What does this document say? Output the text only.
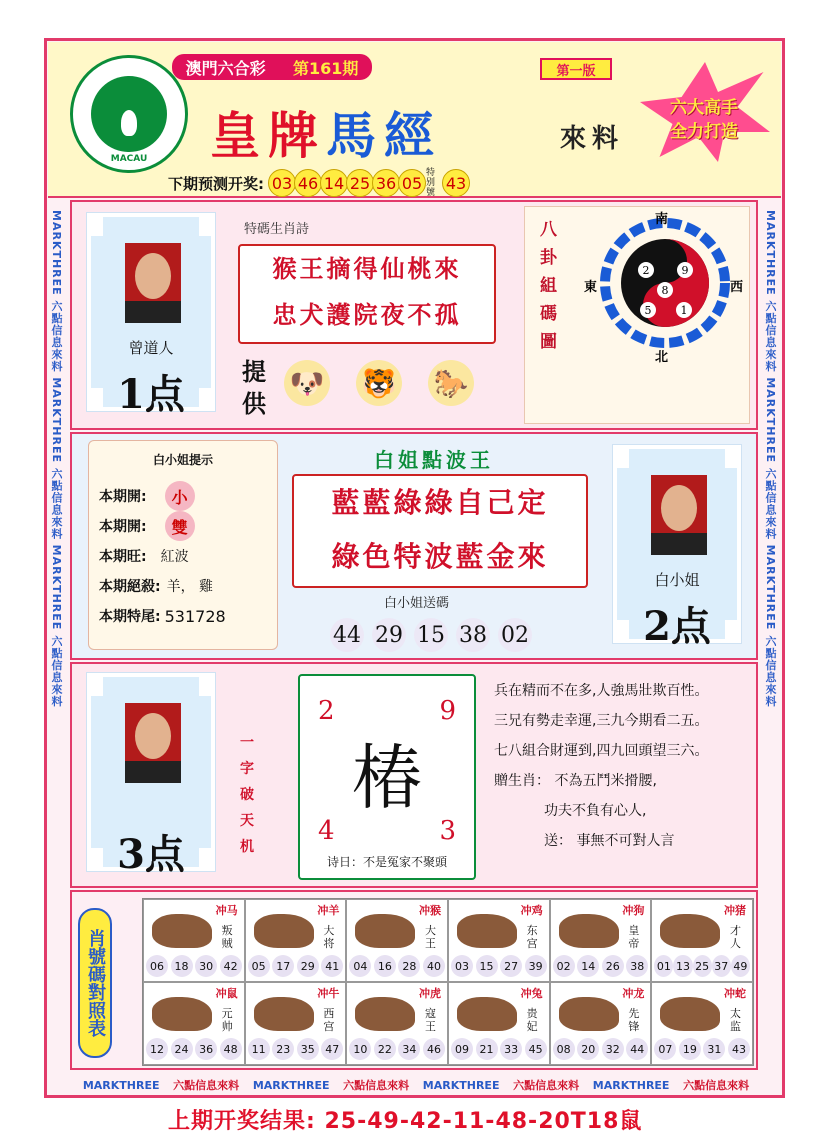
MARKTHREE 六點信息來料 MARKTHREE 六點信息來料 MARKTHREE 六點信息來料	MARKTHREE 六點信息來料 MARKTHREE 六點信息來料 MARKTHREE 六點信息來料
MACAU
澳門六合彩 第161期	第一版
皇牌馬經	來料
六大高手
全力打造
下期预测开奖: 03 46 14 25 36 05
特别號
43
曾道人
1点
特碼生肖詩
猴王摘得仙桃來
忠犬護院夜不孤
提供
🐶 🐯 🐎
八卦組碼圖
2	9
8
5	1
南
北
東	西
白小姐提示
本期開:	小
本期開:	雙
本期旺: 紅波
本期絕殺: 羊， 雞
本期特尾: 531728
白姐點波王
藍藍綠綠自己定
綠色特波藍金來
白小姐送碼
44 29 15 38 02
白小姐
2点
3点
一字破天机
2	9
椿
4	3
诗日：不是冤家不聚頭

兵在精而不在多,人強馬壯欺百性。

三兄有勢走幸運,三九今期看二五。

七八組合財運到,四九回頭望三六。

贈生肖： 不為五鬥米搰腰,

功夫不負有心人,

送： 事無不可對人言

肖號碼對照表
冲马
叛贼
06 18 30 42
冲羊
大将
05 17 29 41
冲猴
大王
04 16 28 40
冲鸡
东宫
03 15 27 39
冲狗
皇帝
02 14 26 38
冲猪
才人
01 13 25 37 49
冲鼠
元帅
12 24 36 48
冲牛
西宫
11 23 35 47
冲虎
寇王
10 22 34 46
冲兔
贵妃
09 21 33 45
冲龙
先锋
08 20 32 44
冲蛇
太监
07 19 31 43
MARKTHREE 六點信息來料 MARKTHREE 六點信息來料 MARKTHREE 六點信息來料 MARKTHREE 六點信息來料
上期开奖结果: 25-49-42-11-48-20T18鼠
